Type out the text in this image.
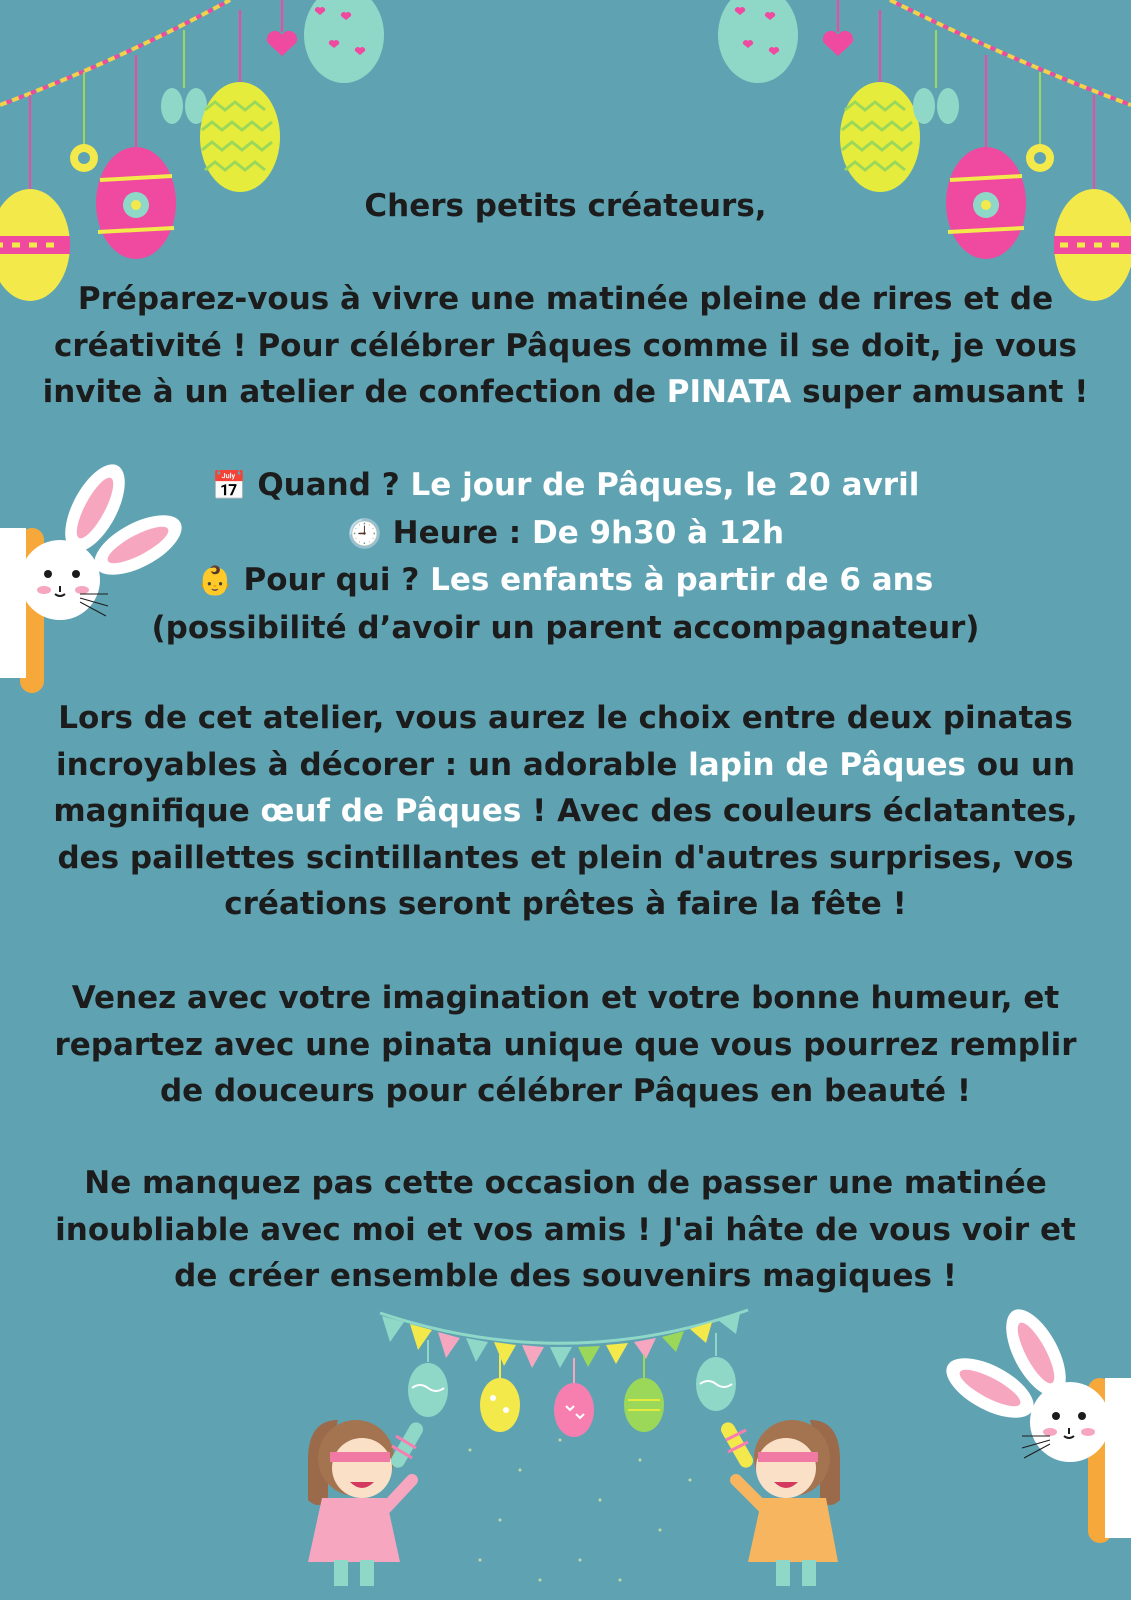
Chers petits créateurs,

Préparez-vous à vivre une matinée pleine de rires et de créativité ! Pour célébrer Pâques comme il se doit, je vous invite à un atelier de confection de PINATA super amusant !

📅 Quand ? Le jour de Pâques, le 20 avril

🕘 Heure : De 9h30 à 12h

👶 Pour qui ? Les enfants à partir de 6 ans

(possibilité d’avoir un parent accompagnateur)

Lors de cet atelier, vous aurez le choix entre deux pinatas incroyables à décorer : un adorable lapin de Pâques ou un magnifique œuf de Pâques ! Avec des couleurs éclatantes, des paillettes scintillantes et plein d'autres surprises, vos créations seront prêtes à faire la fête !

Venez avec votre imagination et votre bonne humeur, et repartez avec une pinata unique que vous pourrez remplir de douceurs pour célébrer Pâques en beauté !

Ne manquez pas cette occasion de passer une matinée inoubliable avec moi et vos amis ! J'ai hâte de vous voir et de créer ensemble des souvenirs magiques !
